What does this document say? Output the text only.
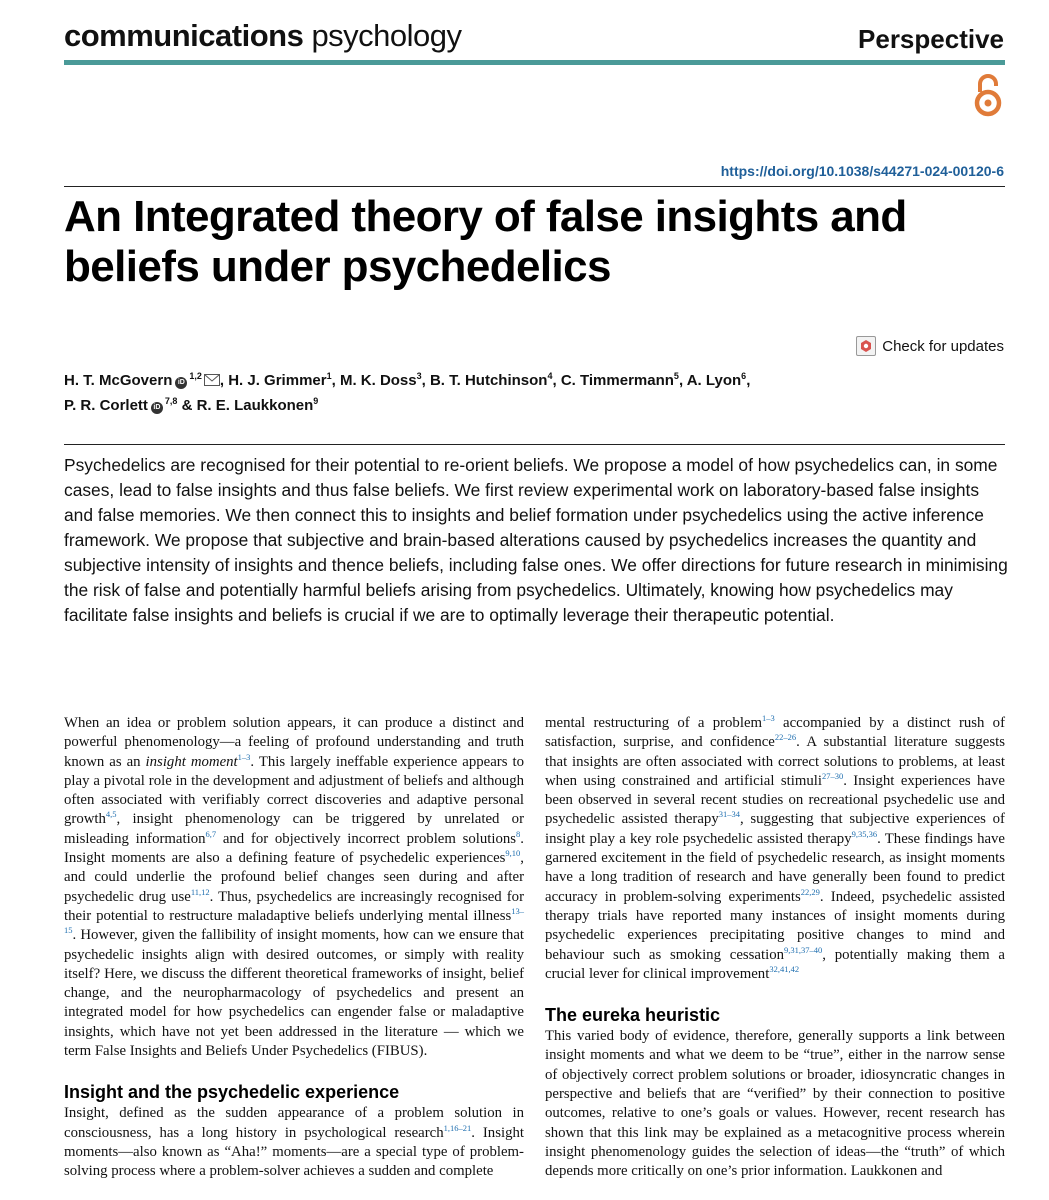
communications psychology	Perspective
https://doi.org/10.1038/s44271-024-00120-6
An Integrated theory of false insights and beliefs under psychedelics
Check for updates
H. T. McGovern iD$^{1,2}$ , H. J. Grimmer$^1$, M. K. Doss$^3$, B. T. Hutchinson$^4$, C. Timmermann$^5$, A. Lyon$^6$,
P. R. Corlett iD$^{7,8}$ & R. E. Laukkonen$^9$
Psychedelics are recognised for their potential to re-orient beliefs. We propose a model of how psychedelics can, in some cases, lead to false insights and thus false beliefs. We first review experimental work on laboratory-based false insights and false memories. We then connect this to insights and belief formation under psychedelics using the active inference framework. We propose that subjective and brain-based alterations caused by psychedelics increases the quantity and subjective intensity of insights and thence beliefs, including false ones. We offer directions for future research in minimising the risk of false and potentially harmful beliefs arising from psychedelics. Ultimately, knowing how psychedelics may facilitate false insights and beliefs is crucial if we are to optimally leverage their therapeutic potential.

When an idea or problem solution appears, it can produce a distinct and powerful phenomenology—a feeling of profound understanding and truth known as an insight moment$^{1-3}$. This largely ineffable experience appears to play a pivotal role in the development and adjustment of beliefs and although often associated with verifiably correct discoveries and adaptive personal growth$^{4,5}$, insight phenomenology can be triggered by unrelated or misleading information$^{6,7}$ and for objectively incorrect problem solutions$^8$. Insight moments are also a defining feature of psychedelic experiences$^{9,10}$, and could underlie the profound belief changes seen during and after psychedelic drug use$^{11,12}$. Thus, psychedelics are increasingly recognised for their potential to restructure maladaptive beliefs underlying mental illness$^{13-15}$. However, given the fallibility of insight moments, how can we ensure that psychedelic insights align with desired outcomes, or simply with reality itself? Here, we discuss the different theoretical frameworks of insight, belief change, and the neuropharmacology of psychedelics and present an integrated model for how psychedelics can engender false or maladaptive insights, which have not yet been addressed in the literature — which we term False Insights and Beliefs Under Psychedelics (FIBUS).

Insight and the psychedelic experience

Insight, defined as the sudden appearance of a problem solution in consciousness, has a long history in psychological research$^{1,16-21}$. Insight moments—also known as “Aha!” moments—are a special type of problem-solving process where a problem-solver achieves a sudden and complete

mental restructuring of a problem$^{1-3}$ accompanied by a distinct rush of satisfaction, surprise, and confidence$^{22-26}$. A substantial literature suggests that insights are often associated with correct solutions to problems, at least when using constrained and artificial stimuli$^{27-30}$. Insight experiences have been observed in several recent studies on recreational psychedelic use and psychedelic assisted therapy$^{31-34}$, suggesting that subjective experiences of insight play a key role psychedelic assisted therapy$^{9,35,36}$. These findings have garnered excitement in the field of psychedelic research, as insight moments have a long tradition of research and have generally been found to predict accuracy in problem-solving experiments$^{22,29}$. Indeed, psychedelic assisted therapy trials have reported many instances of insight moments during psychedelic experiences precipitating positive changes to mind and behaviour such as smoking cessation$^{9,31,37-40}$, potentially making them a crucial lever for clinical improvement$^{32,41,42}$

The eureka heuristic

This varied body of evidence, therefore, generally supports a link between insight moments and what we deem to be “true”, either in the narrow sense of objectively correct problem solutions or broader, idiosyncratic changes in perspective and beliefs that are “verified” by their connection to positive outcomes, relative to one’s goals or values. However, recent research has shown that this link may be explained as a metacognitive process wherein insight phenomenology guides the selection of ideas—the “truth” of which depends more critically on one’s prior information. Laukkonen and
